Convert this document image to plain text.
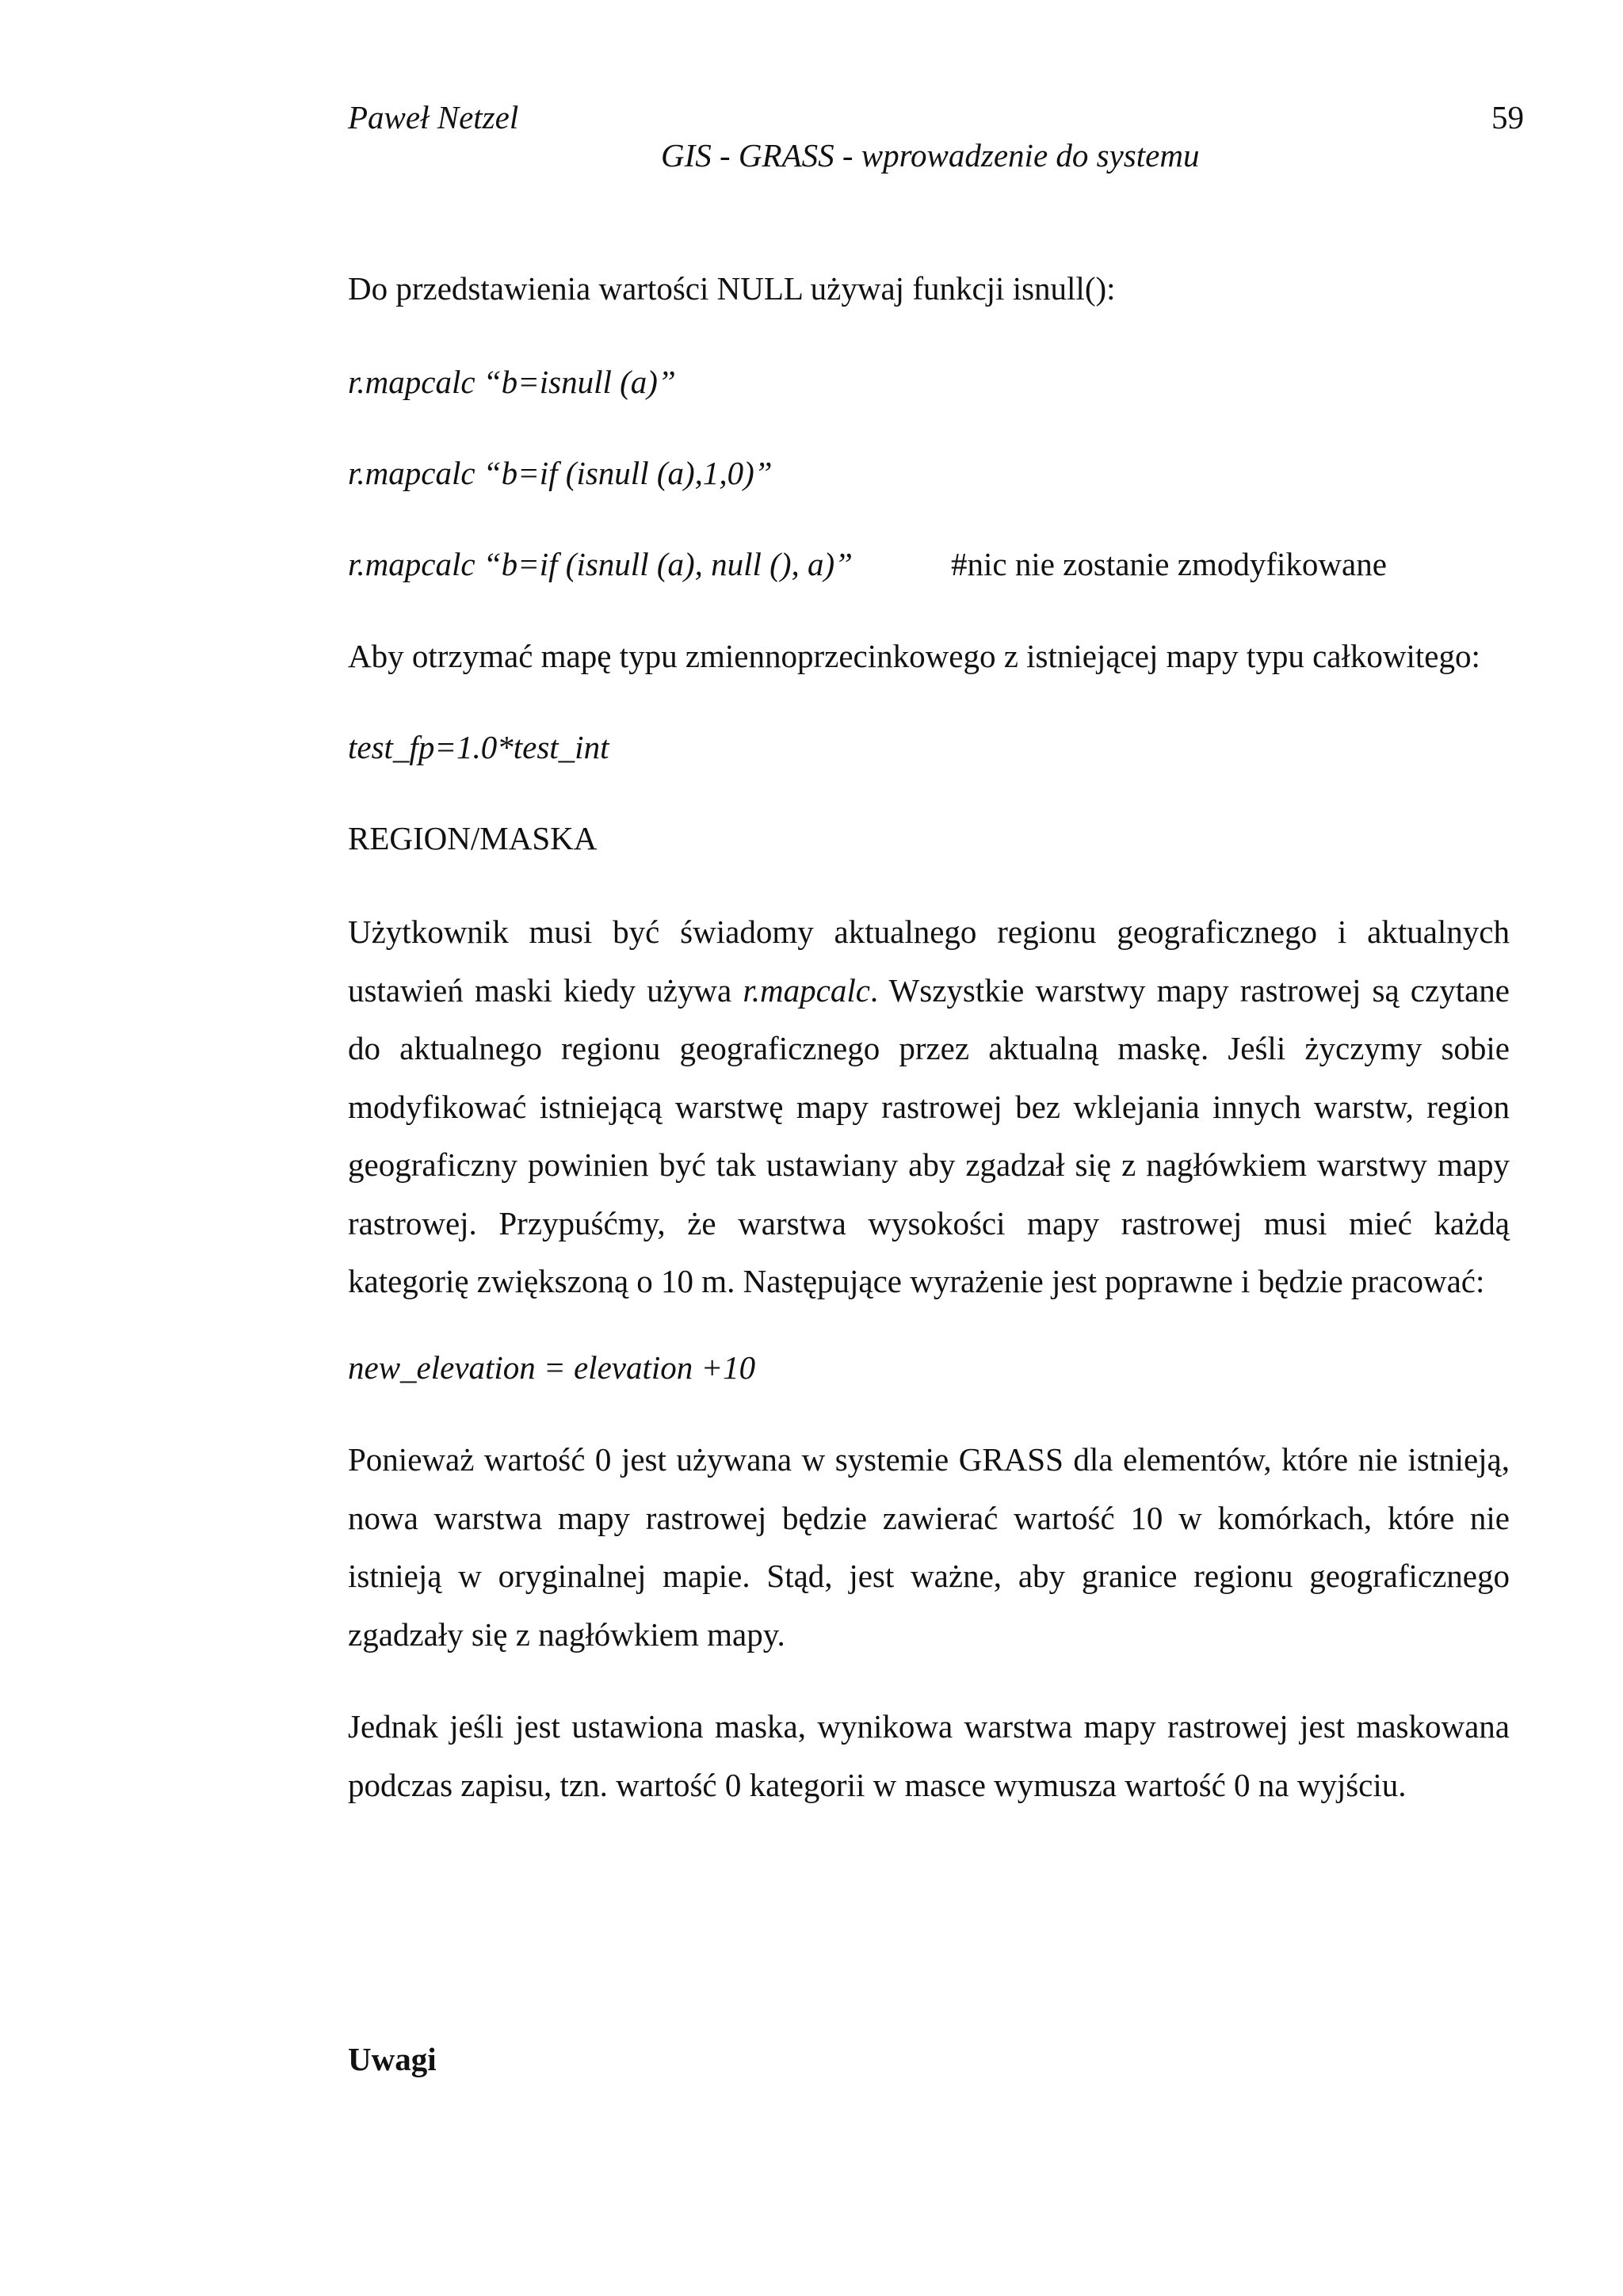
Paweł Netzel	59
GIS - GRASS - wprowadzenie do systemu
Do przedstawienia wartości NULL używaj funkcji isnull():
r.mapcalc “b=isnull (a)”
r.mapcalc “b=if (isnull (a),1,0)”
r.mapcalc “b=if (isnull (a), null (), a)”	#nic nie zostanie zmodyfikowane
Aby otrzymać mapę typu zmiennoprzecinkowego z istniejącej mapy typu całkowitego:
test_fp=1.0*test_int
REGION/MASKA
Użytkownik musi być świadomy aktualnego regionu geograficznego i aktualnych
ustawień maski kiedy używa r.mapcalc. Wszystkie warstwy mapy rastrowej są czytane
do aktualnego regionu geograficznego przez aktualną maskę. Jeśli życzymy sobie
modyfikować istniejącą warstwę mapy rastrowej bez wklejania innych warstw, region
geograficzny powinien być tak ustawiany aby zgadzał się z nagłówkiem warstwy mapy
rastrowej. Przypuśćmy, że warstwa wysokości mapy rastrowej musi mieć każdą
kategorię zwiększoną o 10 m. Następujące wyrażenie jest poprawne i będzie pracować:
new_elevation = elevation +10
Ponieważ wartość 0 jest używana w systemie GRASS dla elementów, które nie istnieją,
nowa warstwa mapy rastrowej będzie zawierać wartość 10 w komórkach, które nie
istnieją w oryginalnej mapie. Stąd, jest ważne, aby granice regionu geograficznego
zgadzały się z nagłówkiem mapy.
Jednak jeśli jest ustawiona maska, wynikowa warstwa mapy rastrowej jest maskowana
podczas zapisu, tzn. wartość 0 kategorii w masce wymusza wartość 0 na wyjściu.
Uwagi
